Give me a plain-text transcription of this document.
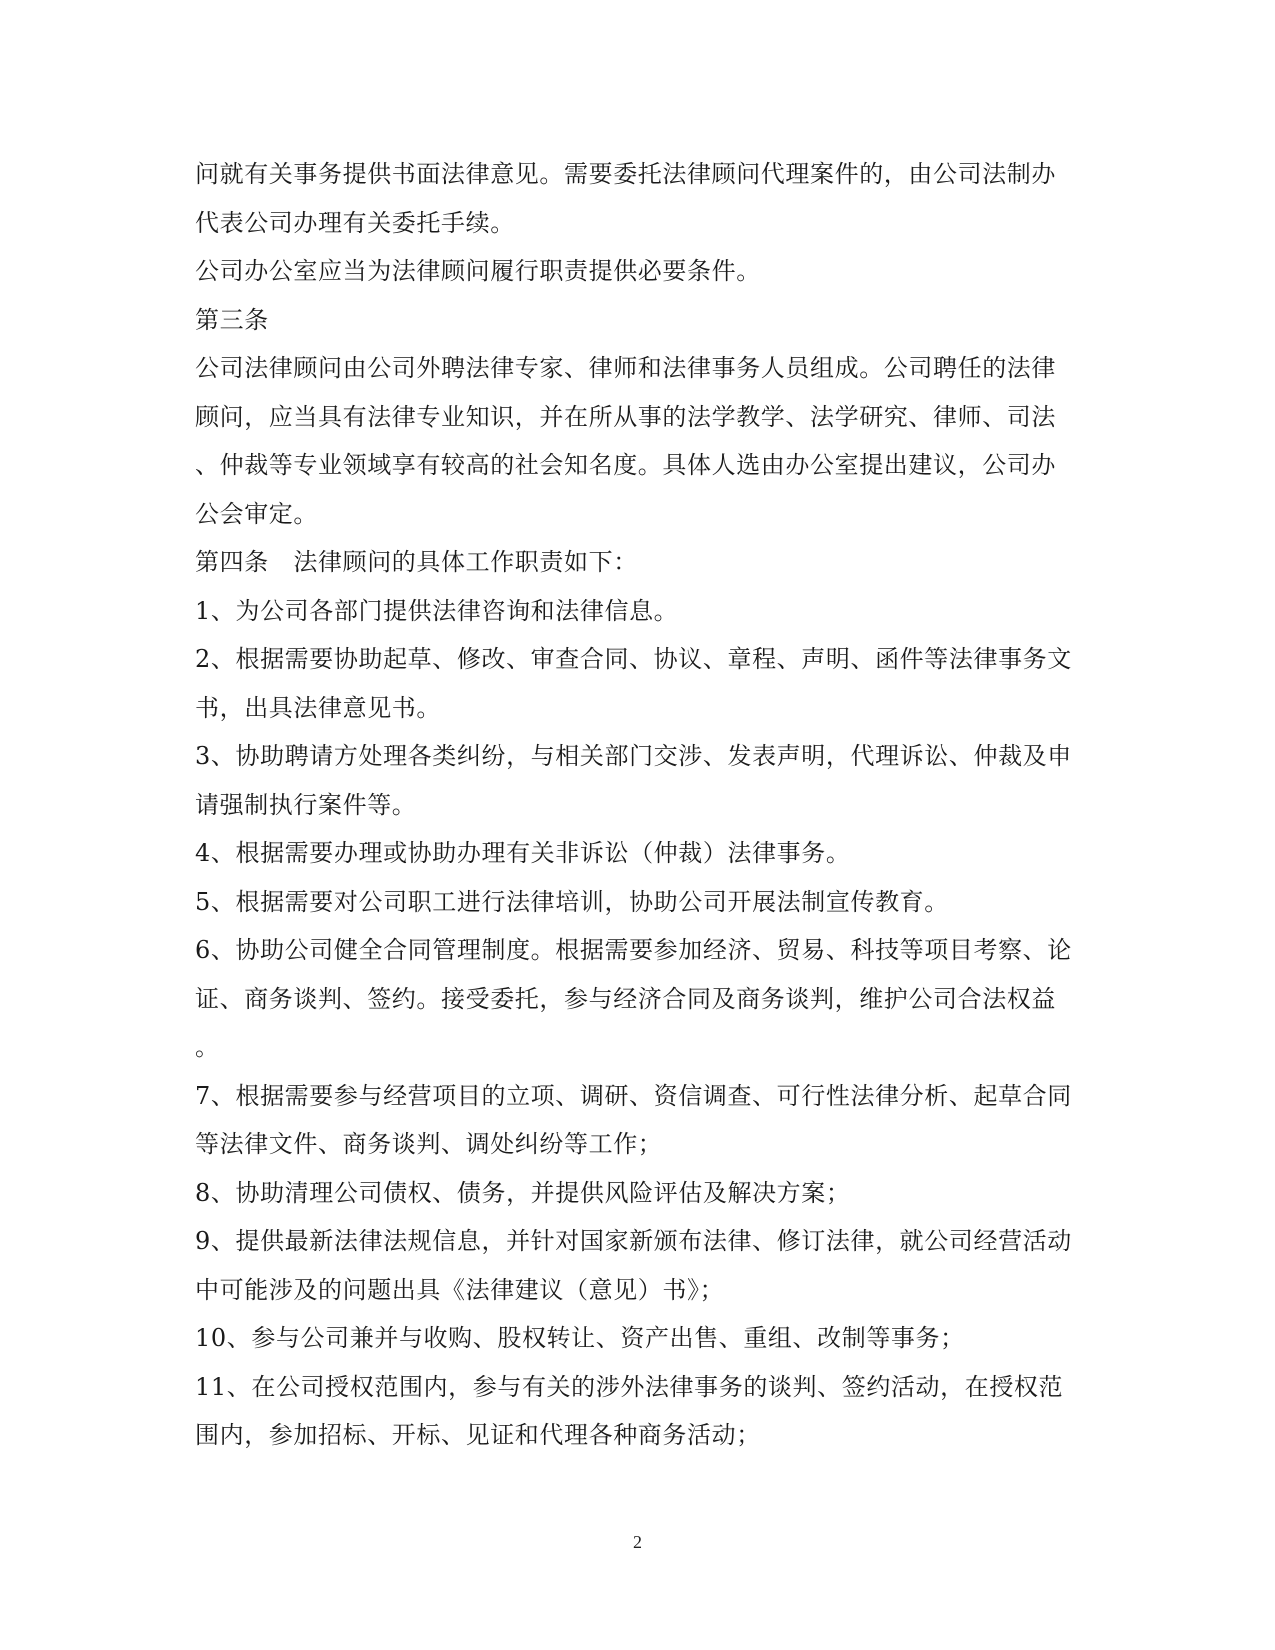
问就有关事务提供书面法律意见。需要委托法律顾问代理案件的，由公司法制办
代表公司办理有关委托手续。
公司办公室应当为法律顾问履行职责提供必要条件。
第三条
公司法律顾问由公司外聘法律专家、律师和法律事务人员组成。公司聘任的法律
顾问，应当具有法律专业知识，并在所从事的法学教学、法学研究、律师、司法
、仲裁等专业领域享有较高的社会知名度。具体人选由办公室提出建议，公司办
公会审定。
第四条　法律顾问的具体工作职责如下：
1、为公司各部门提供法律咨询和法律信息。
2、根据需要协助起草、修改、审查合同、协议、章程、声明、函件等法律事务文
书，出具法律意见书。
3、协助聘请方处理各类纠纷，与相关部门交涉、发表声明，代理诉讼、仲裁及申
请强制执行案件等。
4、根据需要办理或协助办理有关非诉讼（仲裁）法律事务。
5、根据需要对公司职工进行法律培训，协助公司开展法制宣传教育。
6、协助公司健全合同管理制度。根据需要参加经济、贸易、科技等项目考察、论
证、商务谈判、签约。接受委托，参与经济合同及商务谈判，维护公司合法权益
。
7、根据需要参与经营项目的立项、调研、资信调查、可行性法律分析、起草合同
等法律文件、商务谈判、调处纠纷等工作；
8、协助清理公司债权、债务，并提供风险评估及解决方案；
9、提供最新法律法规信息，并针对国家新颁布法律、修订法律，就公司经营活动
中可能涉及的问题出具《法律建议（意见）书》；
10、参与公司兼并与收购、股权转让、资产出售、重组、改制等事务；
11、在公司授权范围内，参与有关的涉外法律事务的谈判、签约活动，在授权范
围内，参加招标、开标、见证和代理各种商务活动；
2
